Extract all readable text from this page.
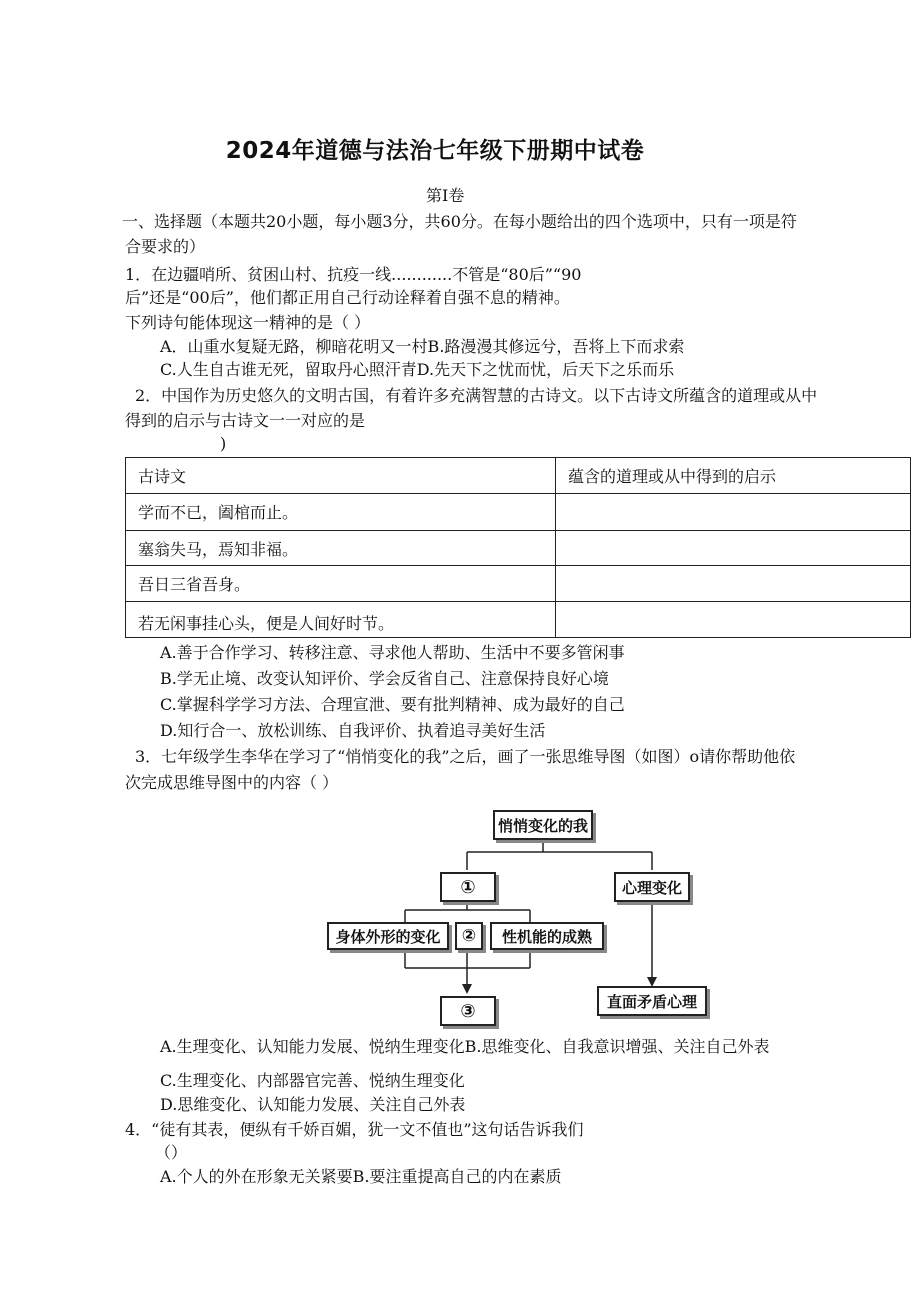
2024年道德与法治七年级下册期中试卷
第Ⅰ卷
一、选择题（本题共20小题，每小题3分，共60分。在每小题给出的四个选项中，只有一项是符
合要求的）
1．在边疆哨所、贫困山村、抗疫一线............不管是“80后”“90
后”还是“00后”，他们都正用自己行动诠释着自强不息的精神。
下列诗句能体现这一精神的是（ ）
A．山重水复疑无路，柳暗花明又一村B.路漫漫其修远兮，吾将上下而求索
C.人生自古谁无死，留取丹心照汗青D.先天下之忧而忧，后天下之乐而乐
2．中国作为历史悠久的文明古国，有着许多充满智慧的古诗文。以下古诗文所蕴含的道理或从中
得到的启示与古诗文一一对应的是
)
古诗文	蕴含的道理或从中得到的启示
学而不已，阖棺而止。	
塞翁失马，焉知非福。	
吾日三省吾身。	
若无闲事挂心头，便是人间好时节。	
A.善于合作学习、转移注意、寻求他人帮助、生活中不要多管闲事
B.学无止境、改变认知评价、学会反省自己、注意保持良好心境
C.掌握科学学习方法、合理宣泄、要有批判精神、成为最好的自己
D.知行合一、放松训练、自我评价、执着追寻美好生活
3．七年级学生李华在学习了“悄悄变化的我”之后，画了一张思维导图（如图）o请你帮助他依
次完成思维导图中的内容（ ）
悄悄变化的我
①	心理变化
身体外形的变化	②	性机能的成熟
③	直面矛盾心理
A.生理变化、认知能力发展、悦纳生理变化B.思维变化、自我意识增强、关注自己外表
C.生理变化、内部器官完善、悦纳生理变化
D.思维变化、认知能力发展、关注自己外表
4．“徒有其表，便纵有千娇百媚，犹一文不值也”这句话告诉我们
（）
A.个人的外在形象无关紧要B.要注重提高自己的内在素质
